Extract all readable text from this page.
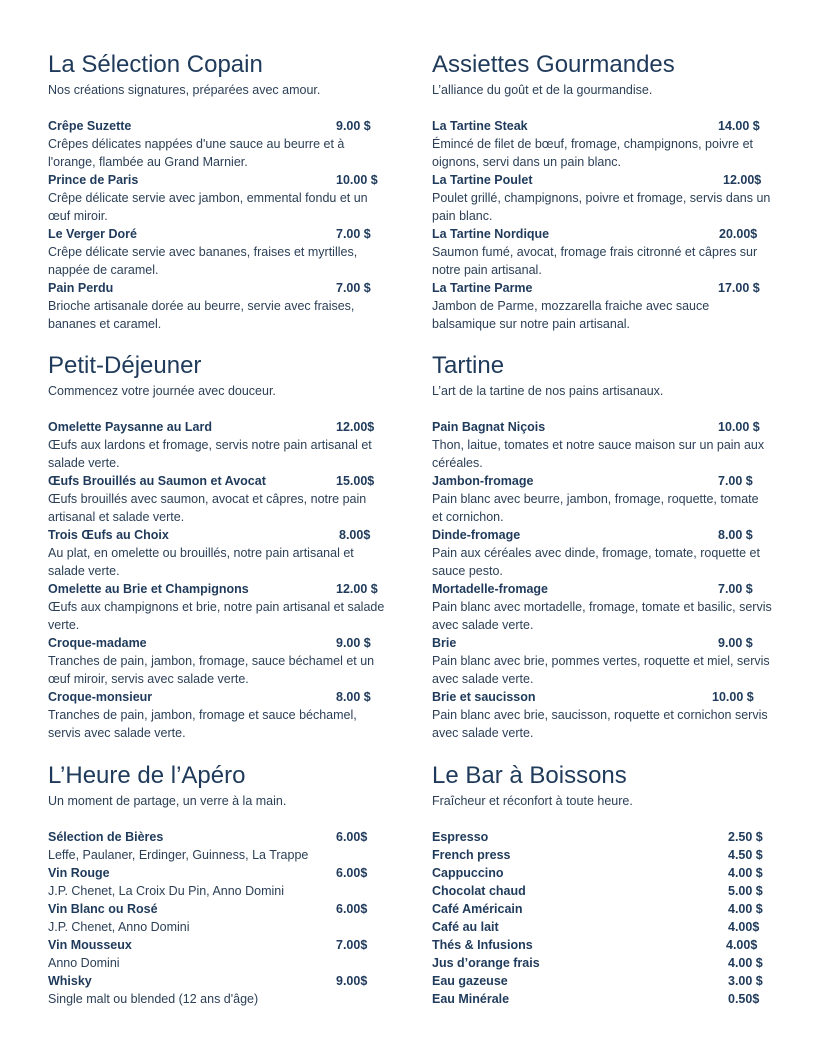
La Sélection Copain
Nos créations signatures, préparées avec amour.
Crêpe Suzette	9.00 $
Crêpes délicates nappées d'une sauce au beurre et à l'orange, flambée au Grand Marnier.
Prince de Paris	10.00 $
Crêpe délicate servie avec jambon, emmental fondu et un œuf miroir.
Le Verger Doré	7.00 $
Crêpe délicate servie avec bananes, fraises et myrtilles, nappée de caramel.
Pain Perdu	7.00 $
Brioche artisanale dorée au beurre, servie avec fraises, bananes et caramel.
Petit-Déjeuner
Commencez votre journée avec douceur.
Omelette Paysanne au Lard	12.00$
Œufs aux lardons et fromage, servis notre pain artisanal et salade verte.
Œufs Brouillés au Saumon et Avocat	15.00$
Œufs brouillés avec saumon, avocat et câpres, notre pain artisanal et salade verte.
Trois Œufs au Choix	8.00$
Au plat, en omelette ou brouillés, notre pain artisanal et salade verte.
Omelette au Brie et Champignons	12.00 $
Œufs aux champignons et brie, notre pain artisanal et salade verte.
Croque-madame	9.00 $
Tranches de pain, jambon, fromage, sauce béchamel et un œuf miroir, servis avec salade verte.
Croque-monsieur	8.00 $
Tranches de pain, jambon, fromage et sauce béchamel, servis avec salade verte.
L’Heure de l’Apéro
Un moment de partage, un verre à la main.
Sélection de Bières	6.00$
Leffe, Paulaner, Erdinger, Guinness, La Trappe
Vin Rouge	6.00$
J.P. Chenet, La Croix Du Pin, Anno Domini
Vin Blanc ou Rosé	6.00$
J.P. Chenet, Anno Domini
Vin Mousseux	7.00$
Anno Domini
Whisky	9.00$
Single malt ou blended (12 ans d'âge)
Assiettes Gourmandes
L’alliance du goût et de la gourmandise.
La Tartine Steak	14.00 $
Émincé de filet de bœuf, fromage, champignons, poivre et oignons, servi dans un pain blanc.
La Tartine Poulet	12.00$
Poulet grillé, champignons, poivre et fromage, servis dans un pain blanc.
La Tartine Nordique	20.00$
Saumon fumé, avocat, fromage frais citronné et câpres sur notre pain artisanal.
La Tartine Parme	17.00 $
Jambon de Parme, mozzarella fraiche avec sauce balsamique sur notre pain artisanal.
Tartine
L’art de la tartine de nos pains artisanaux.
Pain Bagnat Niçois	10.00 $
Thon, laitue, tomates et notre sauce maison sur un pain aux céréales.
Jambon-fromage	7.00 $
Pain blanc avec beurre, jambon, fromage, roquette, tomate et cornichon.
Dinde-fromage	8.00 $
Pain aux céréales avec dinde, fromage, tomate, roquette et sauce pesto.
Mortadelle-fromage	7.00 $
Pain blanc avec mortadelle, fromage, tomate et basilic, servis avec salade verte.
Brie	9.00 $
Pain blanc avec brie, pommes vertes, roquette et miel, servis avec salade verte.
Brie et saucisson	10.00 $
Pain blanc avec brie, saucisson, roquette et cornichon servis avec salade verte.
Le Bar à Boissons
Fraîcheur et réconfort à toute heure.
Espresso	2.50 $
French press	4.50 $
Cappuccino	4.00 $
Chocolat chaud	5.00 $
Café Américain	4.00 $
Café au lait	4.00$
Thés & Infusions	4.00$
Jus d’orange frais	4.00 $
Eau gazeuse	3.00 $
Eau Minérale	0.50$
